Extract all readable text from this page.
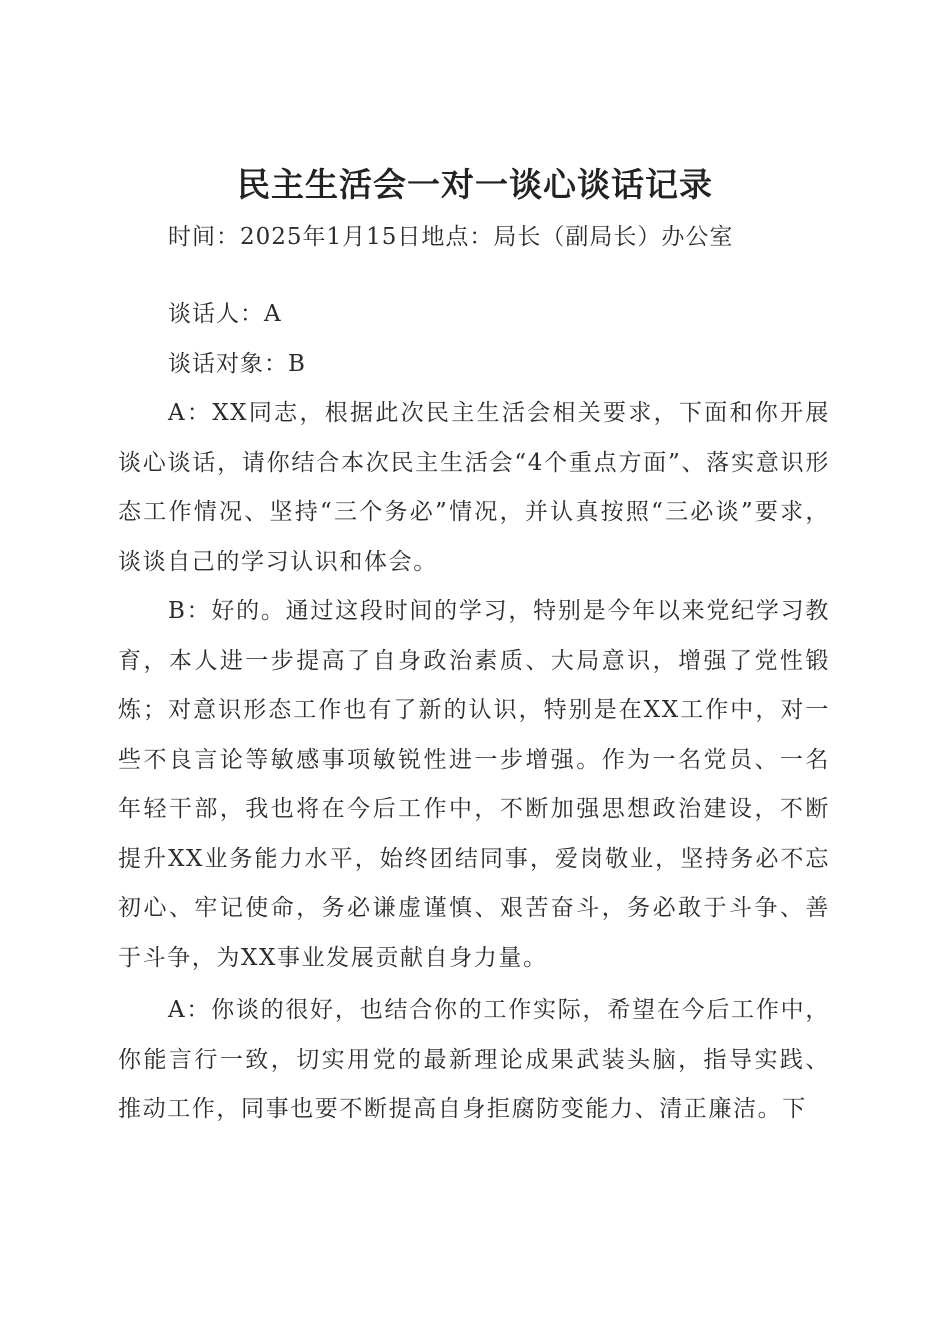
民主生活会一对一谈心谈话记录
时间：2025年1月15日地点：局长（副局长）办公室
谈话人：A
谈话对象：B

A：XX同志，根据此次民主生活会相关要求，下面和你开展谈心谈话，请你结合本次民主生活会“4个重点方面”、落实意识形态工作情况、坚持“三个务必”情况，并认真按照“三必谈”要求，谈谈自己的学习认识和体会。

B：好的。通过这段时间的学习，特别是今年以来党纪学习教育，本人进一步提高了自身政治素质、大局意识，增强了党性锻炼；对意识形态工作也有了新的认识，特别是在XX工作中，对一些不良言论等敏感事项敏锐性进一步增强。作为一名党员、一名年轻干部，我也将在今后工作中，不断加强思想政治建设，不断提升XX业务能力水平，始终团结同事，爱岗敬业，坚持务必不忘初心、牢记使命，务必谦虚谨慎、艰苦奋斗，务必敢于斗争、善于斗争，为XX事业发展贡献自身力量。

A：你谈的很好，也结合你的工作实际，希望在今后工作中，你能言行一致，切实用党的最新理论成果武装头脑，指导实践、推动工作，同事也要不断提高自身拒腐防变能力、清正廉洁。下
